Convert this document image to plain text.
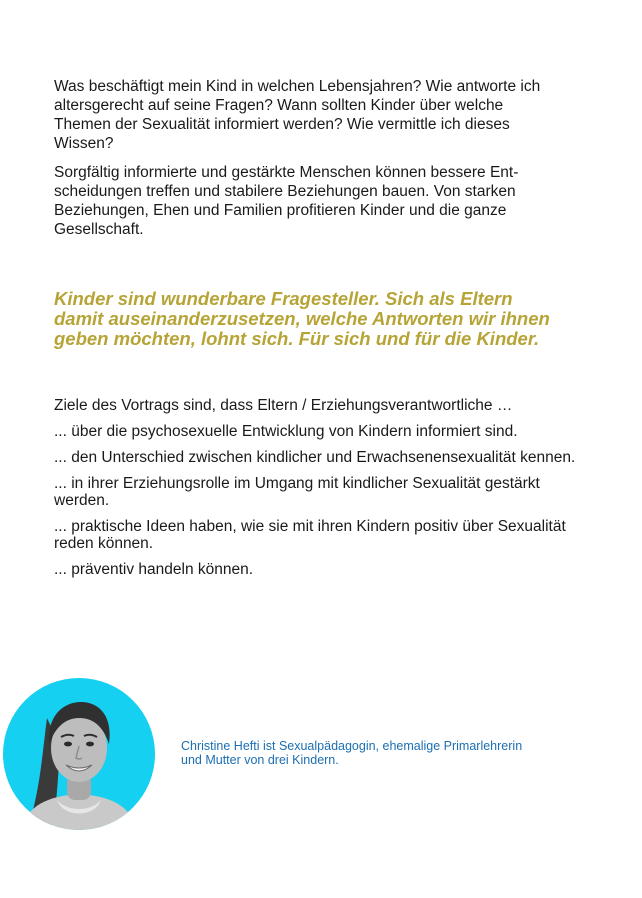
Was beschäftigt mein Kind in welchen Lebensjahren? Wie antworte ich
altersgerecht auf seine Fragen? Wann sollten Kinder über welche
Themen der Sexualität informiert werden? Wie vermittle ich dieses
Wissen?

Sorgfältig informierte und gestärkte Menschen können bessere Ent-
scheidungen treffen und stabilere Beziehungen bauen. Von starken
Beziehungen, Ehen und Familien profitieren Kinder und die ganze
Gesellschaft.

Kinder sind wunderbare Fragesteller. Sich als Eltern
damit auseinanderzusetzen, welche Antworten wir ihnen
geben möchten, lohnt sich. Für sich und für die Kinder.

Ziele des Vortrags sind, dass Eltern / Erziehungsverantwortliche …

... über die psychosexuelle Entwicklung von Kindern informiert sind.
... den Unterschied zwischen kindlicher und Erwachsenensexualität kennen.
... in ihrer Erziehungsrolle im Umgang mit kindlicher Sexualität gestärkt
werden.
... praktische Ideen haben, wie sie mit ihren Kindern positiv über Sexualität
reden können.
... präventiv handeln können.
Christine Hefti ist Sexualpädagogin, ehemalige Primarlehrerin
und Mutter von drei Kindern.
